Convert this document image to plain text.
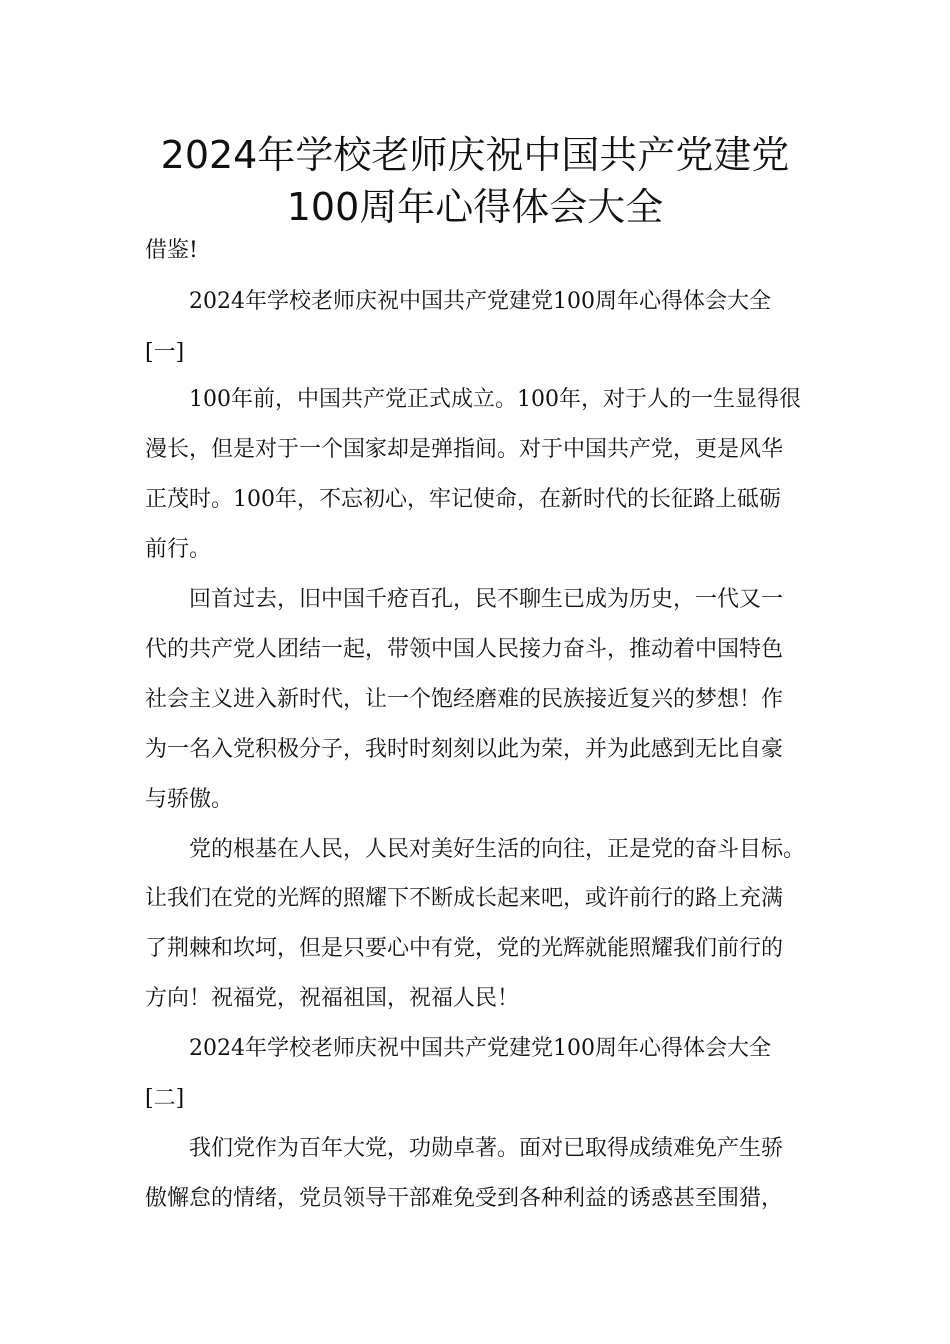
2024年学校老师庆祝中国共产党建党
100周年心得体会大全
借鉴!
　　2024年学校老师庆祝中国共产党建党100周年心得体会大全
[一]
　　100年前，中国共产党正式成立。100年，对于人的一生显得很
漫长，但是对于一个国家却是弹指间。对于中国共产党，更是风华
正茂时。100年，不忘初心，牢记使命，在新时代的长征路上砥砺
前行。
　　回首过去，旧中国千疮百孔，民不聊生已成为历史，一代又一
代的共产党人团结一起，带领中国人民接力奋斗，推动着中国特色
社会主义进入新时代，让一个饱经磨难的民族接近复兴的梦想！作
为一名入党积极分子，我时时刻刻以此为荣，并为此感到无比自豪
与骄傲。
　　党的根基在人民，人民对美好生活的向往，正是党的奋斗目标。
让我们在党的光辉的照耀下不断成长起来吧，或许前行的路上充满
了荆棘和坎坷，但是只要心中有党，党的光辉就能照耀我们前行的
方向！祝福党，祝福祖国，祝福人民！
　　2024年学校老师庆祝中国共产党建党100周年心得体会大全
[二]
　　我们党作为百年大党，功勋卓著。面对已取得成绩难免产生骄
傲懈怠的情绪，党员领导干部难免受到各种利益的诱惑甚至围猎，
